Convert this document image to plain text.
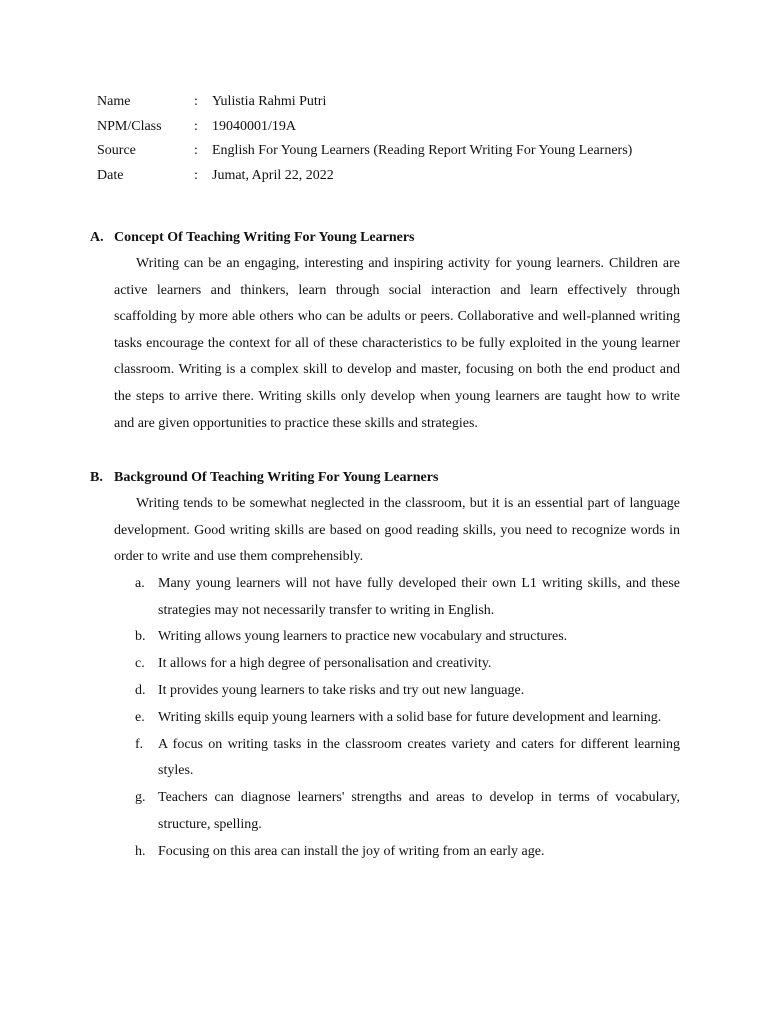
Name	:	Yulistia Rahmi Putri
NPM/Class	:	19040001/19A
Source	:	English For Young Learners (Reading Report Writing For Young Learners)
Date	:	Jumat, April 22, 2022
A. Concept Of Teaching Writing For Young Learners

Writing can be an engaging, interesting and inspiring activity for young learners. Children are active learners and thinkers, learn through social interaction and learn effectively through scaffolding by more able others who can be adults or peers. Collaborative and well-planned writing tasks encourage the context for all of these characteristics to be fully exploited in the young learner classroom. Writing is a complex skill to develop and master, focusing on both the end product and the steps to arrive there. Writing skills only develop when young learners are taught how to write and are given opportunities to practice these skills and strategies.

B. Background Of Teaching Writing For Young Learners

Writing tends to be somewhat neglected in the classroom, but it is an essential part of language development. Good writing skills are based on good reading skills, you need to recognize words in order to write and use them comprehensibly.

a. Many young learners will not have fully developed their own L1 writing skills, and these strategies may not necessarily transfer to writing in English.
b. Writing allows young learners to practice new vocabulary and structures.
c. It allows for a high degree of personalisation and creativity.
d. It provides young learners to take risks and try out new language.
e. Writing skills equip young learners with a solid base for future development and learning.
f.	A focus on writing tasks in the classroom creates variety and caters for different learning styles.
g. Teachers can diagnose learners' strengths and areas to develop in terms of vocabulary, structure, spelling.
h. Focusing on this area can install the joy of writing from an early age.
